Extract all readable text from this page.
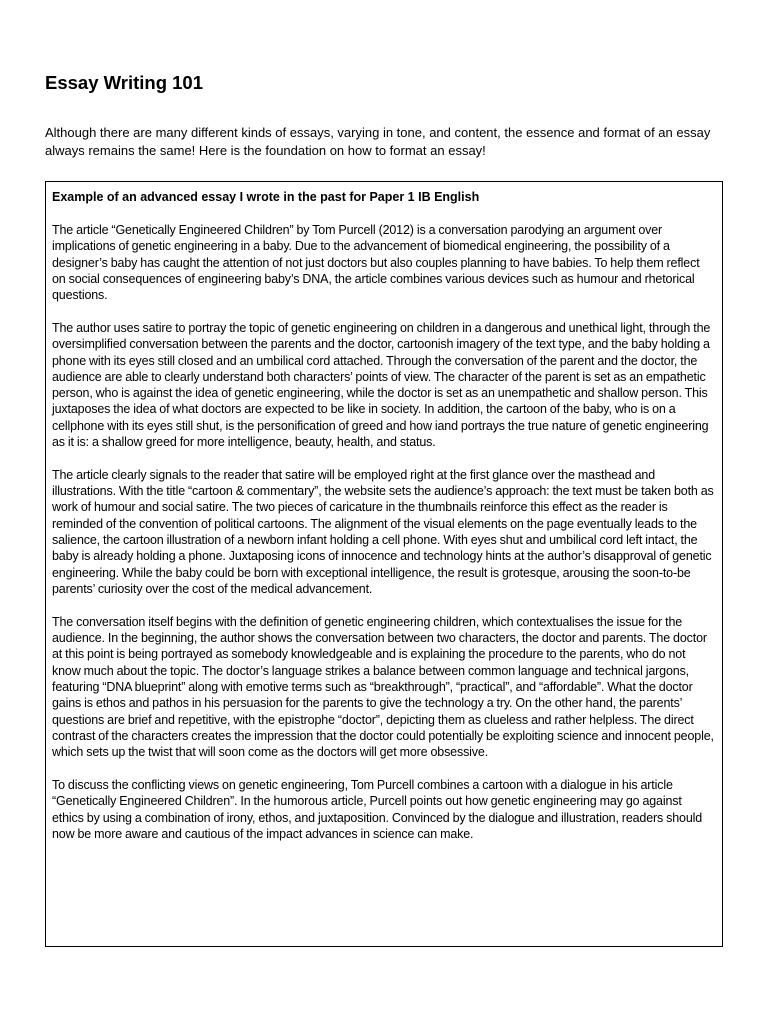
Essay Writing 101

Although there are many different kinds of essays, varying in tone, and content, the essence and format of an essay always remains the same! Here is the foundation on how to format an essay!

Example of an advanced essay I wrote in the past for Paper 1 IB English

The article “Genetically Engineered Children” by Tom Purcell (2012) is a conversation parodying an argument over implications of genetic engineering in a baby. Due to the advancement of biomedical engineering, the possibility of a designer’s baby has caught the attention of not just doctors but also couples planning to have babies. To help them reflect on social consequences of engineering baby’s DNA, the article combines various devices such as humour and rhetorical questions.

The author uses satire to portray the topic of genetic engineering on children in a dangerous and unethical light, through the oversimplified conversation between the parents and the doctor, cartoonish imagery of the text type, and the baby holding a phone with its eyes still closed and an umbilical cord attached. Through the conversation of the parent and the doctor, the audience are able to clearly understand both characters’ points of view. The character of the parent is set as an empathetic person, who is against the idea of genetic engineering, while the doctor is set as an unempathetic and shallow person. This juxtaposes the idea of what doctors are expected to be like in society. In addition, the cartoon of the baby, who is on a cellphone with its eyes still shut, is the personification of greed and how iand portrays the true nature of genetic engineering as it is: a shallow greed for more intelligence, beauty, health, and status.

The article clearly signals to the reader that satire will be employed right at the first glance over the masthead and illustrations. With the title “cartoon & commentary”, the website sets the audience’s approach: the text must be taken both as work of humour and social satire. The two pieces of caricature in the thumbnails reinforce this effect as the reader is reminded of the convention of political cartoons. The alignment of the visual elements on the page eventually leads to the salience, the cartoon illustration of a newborn infant holding a cell phone. With eyes shut and umbilical cord left intact, the baby is already holding a phone. Juxtaposing icons of innocence and technology hints at the author’s disapproval of genetic engineering. While the baby could be born with exceptional intelligence, the result is grotesque, arousing the soon-to-be parents’ curiosity over the cost of the medical advancement.

The conversation itself begins with the definition of genetic engineering children, which contextualises the issue for the audience. In the beginning, the author shows the conversation between two characters, the doctor and parents. The doctor at this point is being portrayed as somebody knowledgeable and is explaining the procedure to the parents, who do not know much about the topic. The doctor’s language strikes a balance between common language and technical jargons, featuring “DNA blueprint” along with emotive terms such as “breakthrough”, “practical”, and “affordable”. What the doctor gains is ethos and pathos in his persuasion for the parents to give the technology a try. On the other hand, the parents’ questions are brief and repetitive, with the epistrophe “doctor”, depicting them as clueless and rather helpless. The direct contrast of the characters creates the impression that the doctor could potentially be exploiting science and innocent people, which sets up the twist that will soon come as the doctors will get more obsessive.

To discuss the conflicting views on genetic engineering, Tom Purcell combines a cartoon with a dialogue in his article “Genetically Engineered Children”. In the humorous article, Purcell points out how genetic engineering may go against ethics by using a combination of irony, ethos, and juxtaposition. Convinced by the dialogue and illustration, readers should now be more aware and cautious of the impact advances in science can make.
